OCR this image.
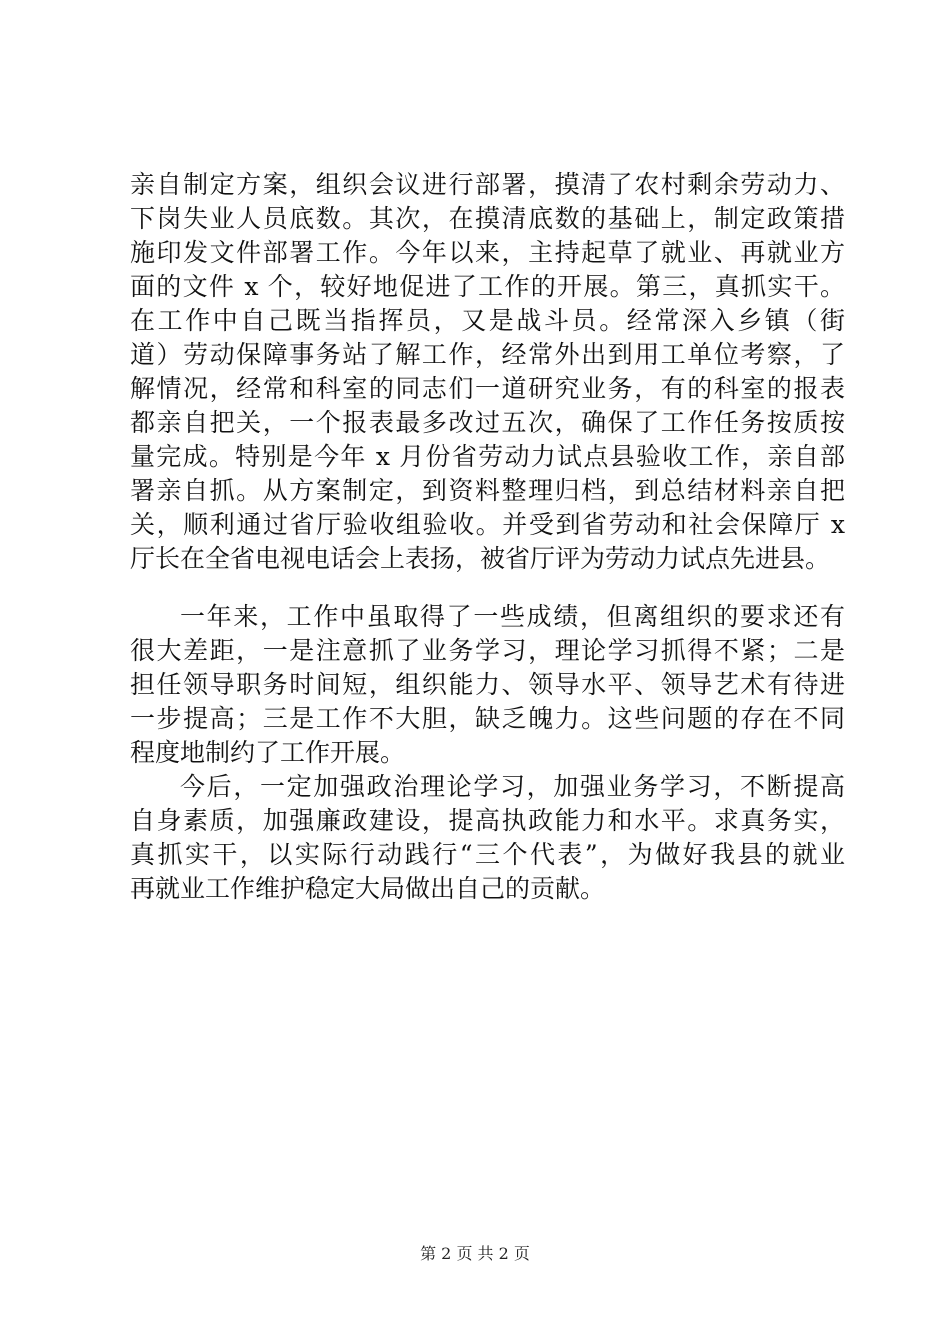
亲自制定方案，组织会议进行部署，摸清了农村剩余劳动力、
下岗失业人员底数。其次，在摸清底数的基础上，制定政策措
施印发文件部署工作。今年以来，主持起草了就业、再就业方
面的文件 x 个，较好地促进了工作的开展。第三，真抓实干。
在工作中自己既当指挥员，又是战斗员。经常深入乡镇（街
道）劳动保障事务站了解工作，经常外出到用工单位考察，了
解情况，经常和科室的同志们一道研究业务，有的科室的报表
都亲自把关，一个报表最多改过五次，确保了工作任务按质按
量完成。特别是今年 x 月份省劳动力试点县验收工作，亲自部
署亲自抓。从方案制定，到资料整理归档，到总结材料亲自把
关，顺利通过省厅验收组验收。并受到省劳动和社会保障厅 x
厅长在全省电视电话会上表扬，被省厅评为劳动力试点先进县。
一年来，工作中虽取得了一些成绩，但离组织的要求还有
很大差距，一是注意抓了业务学习，理论学习抓得不紧；二是
担任领导职务时间短，组织能力、领导水平、领导艺术有待进
一步提高；三是工作不大胆，缺乏魄力。这些问题的存在不同
程度地制约了工作开展。
今后，一定加强政治理论学习，加强业务学习，不断提高
自身素质，加强廉政建设，提高执政能力和水平。求真务实，
真抓实干，以实际行动践行“三个代表”，为做好我县的就业
再就业工作维护稳定大局做出自己的贡献。
第 2 页 共 2 页
